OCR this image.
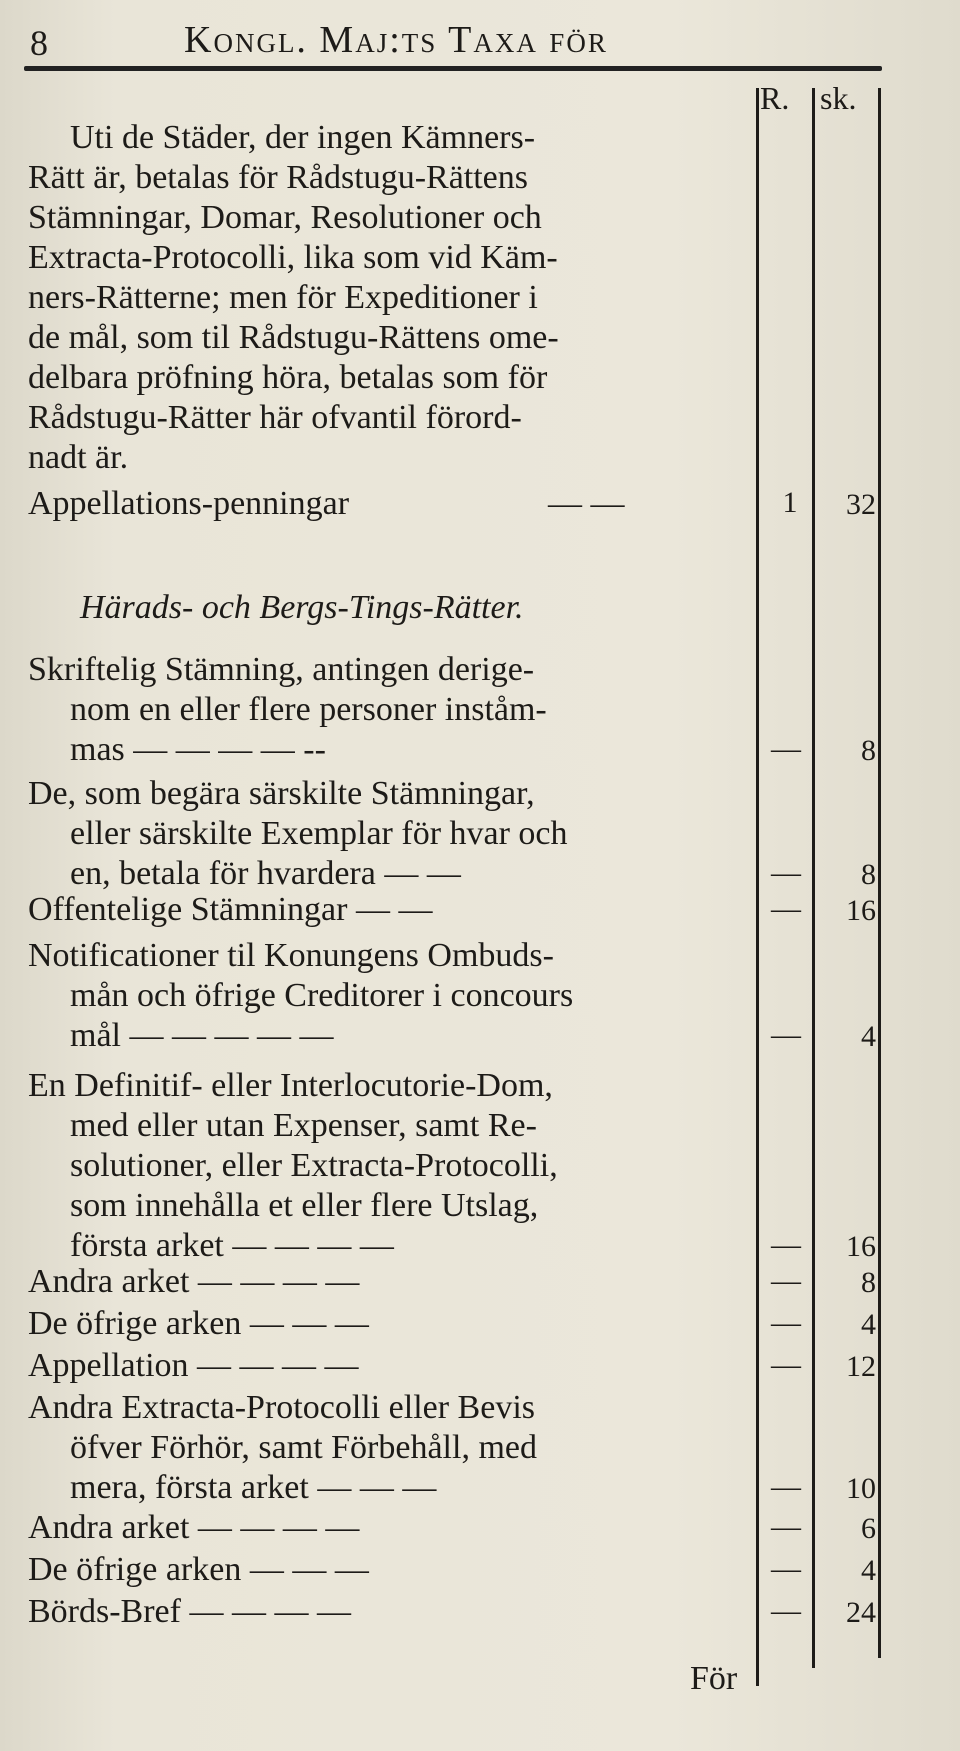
8	Kongl. Maj:ts Taxa för
R. sk.
Uti de Städer, der ingen Kämners-
Rätt är, betalas för Rådstugu-Rättens
Stämningar, Domar, Resolutioner och
Extracta-Protocolli, lika som vid Käm-
ners-Rätterne; men för Expeditioner i
de mål, som til Rådstugu-Rättens ome-
delbara pröfning höra, betalas som för
Rådstugu-Rätter här ofvantil förord-
nadt är.
Appellations-penningar	— —	1	32
Härads- och Bergs-Tings-Rätter.
Skriftelig Stämning, antingen derige-
nom en eller flere personer inståm-
mas — — — — --	—	8
De, som begära särskilte Stämningar,
eller särskilte Exemplar för hvar och
en, betala för hvardera — —	—	8
Offentelige Stämningar — —	—	16
Notificationer til Konungens Ombuds-
mån och öfrige Creditorer i concours
mål — — — — —	—	4
En Definitif- eller Interlocutorie-Dom,
med eller utan Expenser, samt Re-
solutioner, eller Extracta-Protocolli,
som innehålla et eller flere Utslag,
första arket — — — —	—	16
Andra arket — — — —	—	8
De öfrige arken — — —	—	4
Appellation — — — —	—	12
Andra Extracta-Protocolli eller Bevis
öfver Förhör, samt Förbehåll, med
mera, första arket — — —	—	10
Andra arket — — — —	—	6
De öfrige arken — — —	—	4
Börds-Bref — — — —	—	24
För
